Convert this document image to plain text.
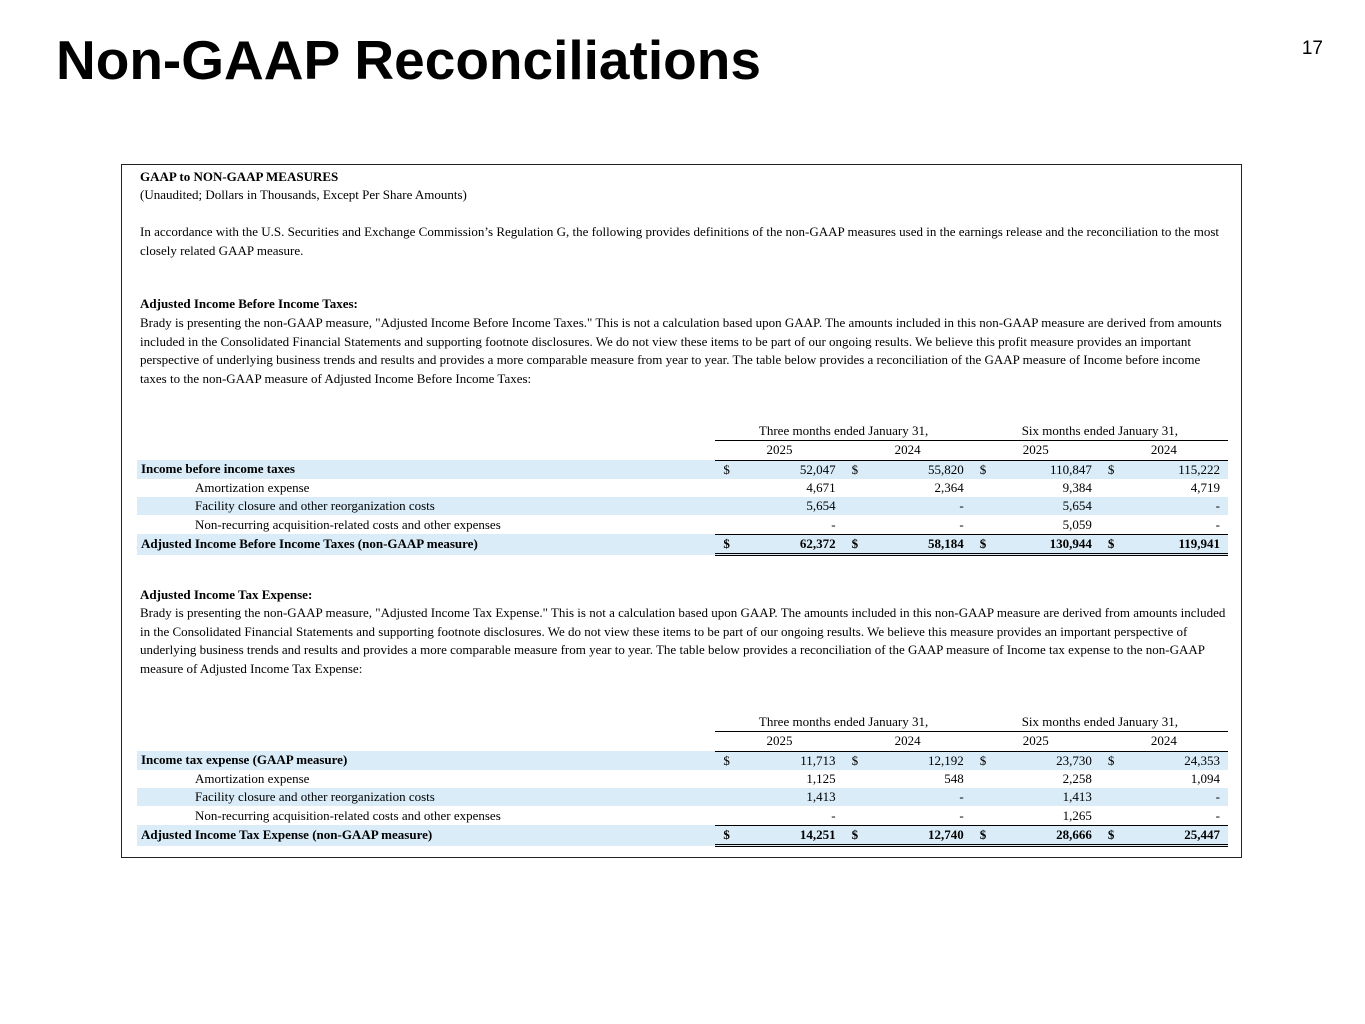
Non-GAAP Reconciliations	17

GAAP to NON-GAAP MEASURES

(Unaudited; Dollars in Thousands, Except Per Share Amounts)

In accordance with the U.S. Securities and Exchange Commission’s Regulation G, the following provides definitions of the non-GAAP measures used in the earnings release and the reconciliation to the most closely related GAAP measure.

Adjusted Income Before Income Taxes:

Brady is presenting the non-GAAP measure, "Adjusted Income Before Income Taxes." This is not a calculation based upon GAAP. The amounts included in this non-GAAP measure are derived from amounts included in the Consolidated Financial Statements and supporting footnote disclosures. We do not view these items to be part of our ongoing results. We believe this profit measure provides an important perspective of underlying business trends and results and provides a more comparable measure from year to year. The table below provides a reconciliation of the GAAP measure of Income before income taxes to the non-GAAP measure of Adjusted Income Before Income Taxes:

	Three months ended January 31,				Six months ended January 31,			
	2025		2024		2025		2024	
Income before income taxes	$	52,047	$	55,820	$	110,847	$	115,222
Amortization expense		4,671		2,364		9,384		4,719
Facility closure and other reorganization costs		5,654		-		5,654		-
Non-recurring acquisition-related costs and other expenses		-		-		5,059		-
Adjusted Income Before Income Taxes (non-GAAP measure)	$	62,372	$	58,184	$	130,944	$	119,941

Adjusted Income Tax Expense:

Brady is presenting the non-GAAP measure, "Adjusted Income Tax Expense." This is not a calculation based upon GAAP. The amounts included in this non-GAAP measure are derived from amounts included in the Consolidated Financial Statements and supporting footnote disclosures. We do not view these items to be part of our ongoing results. We believe this measure provides an important perspective of underlying business trends and results and provides a more comparable measure from year to year. The table below provides a reconciliation of the GAAP measure of Income tax expense to the non-GAAP measure of Adjusted Income Tax Expense:

	Three months ended January 31,				Six months ended January 31,			
	2025		2024		2025		2024	
Income tax expense (GAAP measure)	$	11,713	$	12,192	$	23,730	$	24,353
Amortization expense		1,125		548		2,258		1,094
Facility closure and other reorganization costs		1,413		-		1,413		-
Non-recurring acquisition-related costs and other expenses		-		-		1,265		-
Adjusted Income Tax Expense (non-GAAP measure)	$	14,251	$	12,740	$	28,666	$	25,447
